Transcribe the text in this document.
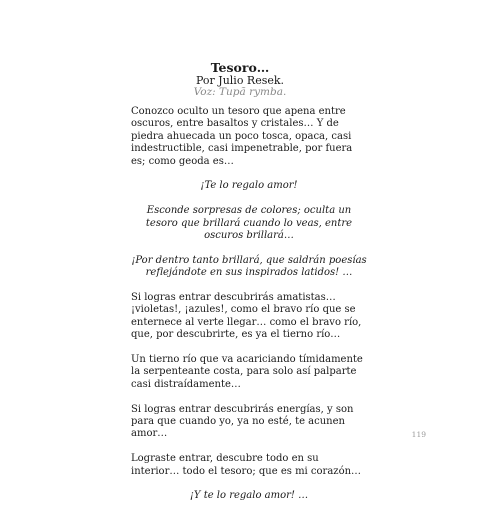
Tesoro…
Por Julio Resek.
Voz: Tupã rymba.

Conozco oculto un tesoro que apena entre oscuros, entre basaltos y cristales… Y de piedra ahuecada un poco tosca, opaca, casi indestructible, casi impenetrable, por fuera es; como geoda es…

¡Te lo regalo amor!

Esconde sorpresas de colores; oculta un tesoro que brillará cuando lo veas, entre oscuros brillará…

¡Por dentro tanto brillará, que saldrán poesías reflejándote en sus inspirados latidos! …

Si logras entrar descubrirás amatistas… ¡violetas!, ¡azules!, como el bravo río que se enternece al verte llegar… como el bravo río, que, por descubrirte, es ya el tierno río…

Un tierno río que va acariciando tímidamente la serpenteante costa, para solo así palparte casi distraídamente…

Si logras entrar descubrirás energías, y son para que cuando yo, ya no esté, te acunen amor…

Lograste entrar, descubre todo en su interior… todo el tesoro; que es mi corazón…

¡Y te lo regalo amor! …

119
